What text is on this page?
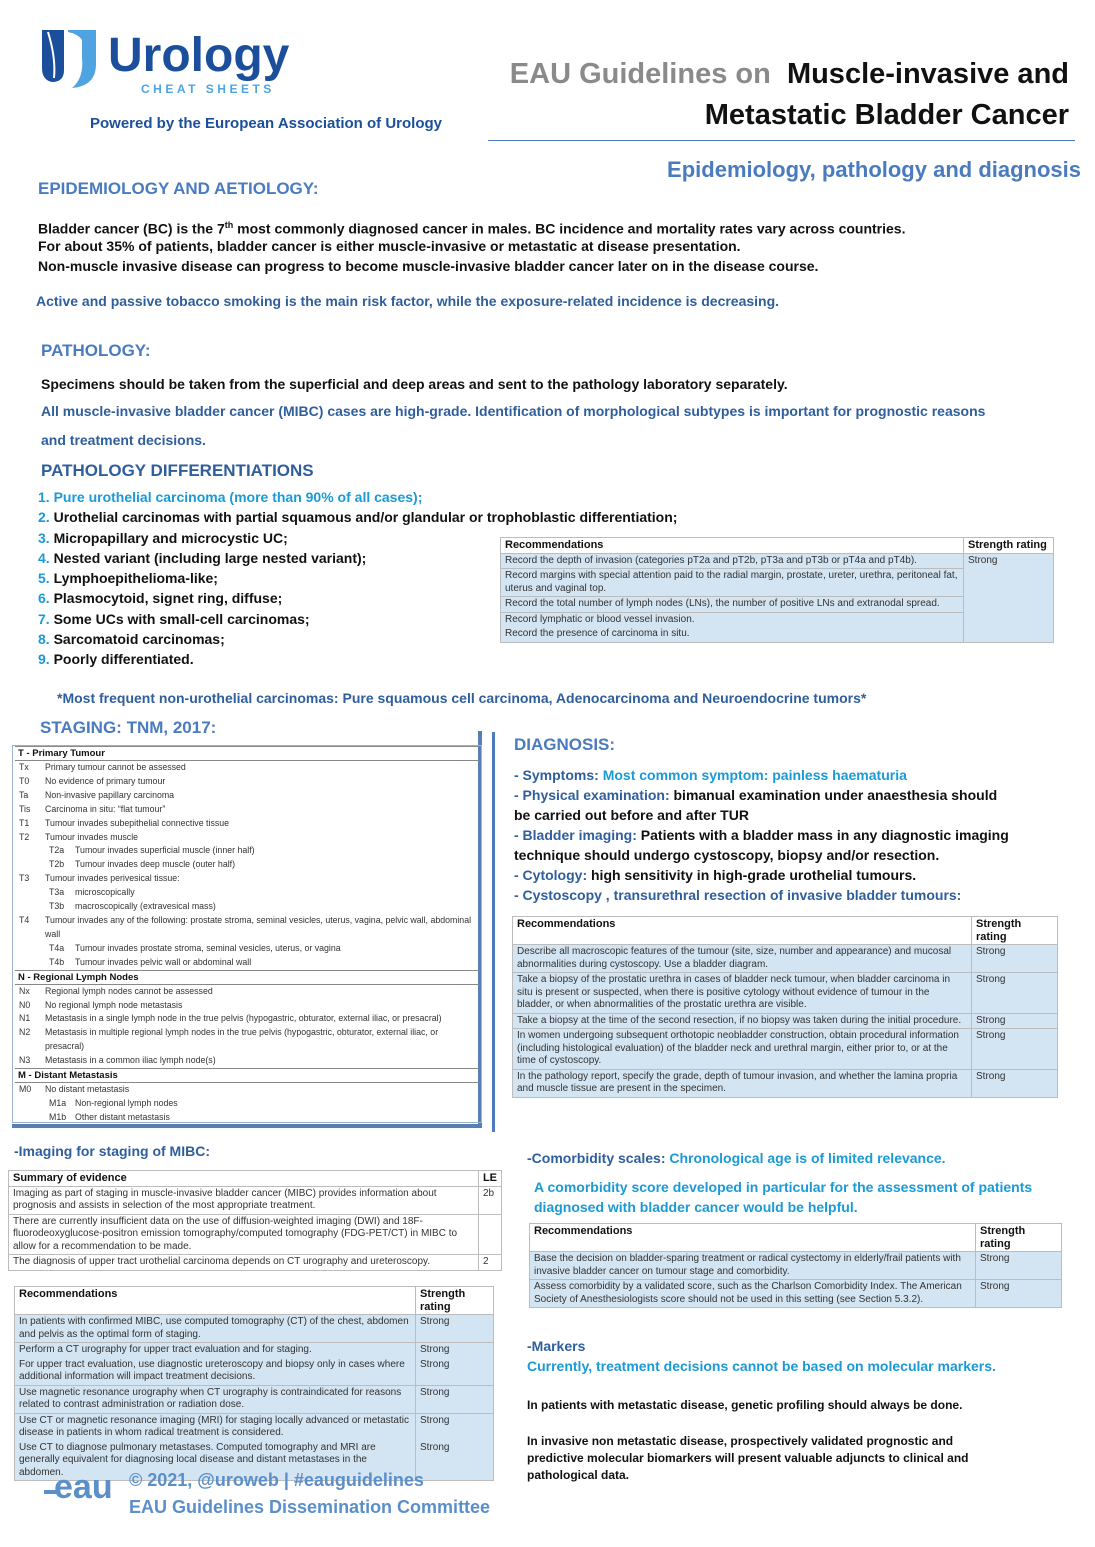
Urology
CHEAT SHEETS
Powered by the European Association of Urology
EAU Guidelines on Muscle-invasive and
Metastatic Bladder Cancer
Epidemiology, pathology and diagnosis
EPIDEMIOLOGY AND AETIOLOGY:
Bladder cancer (BC) is the 7th most commonly diagnosed cancer in males. BC incidence and mortality rates vary across countries.
For about 35% of patients, bladder cancer is either muscle-invasive or metastatic at disease presentation.
Non-muscle invasive disease can progress to become muscle-invasive bladder cancer later on in the disease course.
Active and passive tobacco smoking is the main risk factor, while the exposure-related incidence is decreasing.
PATHOLOGY:
Specimens should be taken from the superficial and deep areas and sent to the pathology laboratory separately.
All muscle-invasive bladder cancer (MIBC) cases are high-grade. Identification of morphological subtypes is important for prognostic reasons
and treatment decisions.
PATHOLOGY DIFFERENTIATIONS
1. Pure urothelial carcinoma (more than 90% of all cases);
2. Urothelial carcinomas with partial squamous and/or glandular or trophoblastic differentiation;
3. Micropapillary and microcystic UC;
4. Nested variant (including large nested variant);
5. Lymphoepithelioma-like;
6. Plasmocytoid, signet ring, diffuse;
7. Some UCs with small-cell carcinomas;
8. Sarcomatoid carcinomas;
9. Poorly differentiated.
Recommendations	Strength rating
Record the depth of invasion (categories pT2a and pT2b, pT3a and pT3b or pT4a and pT4b).	Strong
Record margins with special attention paid to the radial margin, prostate, ureter, urethra, peritoneal fat, uterus and vaginal top.	
Record the total number of lymph nodes (LNs), the number of positive LNs and extranodal spread.	
Record lymphatic or blood vessel invasion.	
Record the presence of carcinoma in situ.	
*Most frequent non-urothelial carcinomas: Pure squamous cell carcinoma, Adenocarcinoma and Neuroendocrine tumors*
STAGING: TNM, 2017:
T - Primary Tumour
Tx	Primary tumour cannot be assessed
T0	No evidence of primary tumour
Ta	Non-invasive papillary carcinoma
Tis	Carcinoma in situ: “flat tumour”
T1	Tumour invades subepithelial connective tissue
T2	Tumour invades muscle
T2a	Tumour invades superficial muscle (inner half)
T2b	Tumour invades deep muscle (outer half)
T3	Tumour invades perivesical tissue:
T3a	microscopically
T3b	macroscopically (extravesical mass)
T4	Tumour invades any of the following: prostate stroma, seminal vesicles, uterus, vagina, pelvic wall, abdominal wall
T4a	Tumour invades prostate stroma, seminal vesicles, uterus, or vagina
T4b	Tumour invades pelvic wall or abdominal wall
N - Regional Lymph Nodes
Nx	Regional lymph nodes cannot be assessed
N0	No regional lymph node metastasis
N1	Metastasis in a single lymph node in the true pelvis (hypogastric, obturator, external iliac, or presacral)
N2	Metastasis in multiple regional lymph nodes in the true pelvis (hypogastric, obturator, external iliac, or presacral)
N3	Metastasis in a common iliac lymph node(s)
M - Distant Metastasis
M0	No distant metastasis
M1a	Non-regional lymph nodes
M1b	Other distant metastasis
DIAGNOSIS:
- Symptoms: Most common symptom: painless haematuria
- Physical examination: bimanual examination under anaesthesia should
be carried out before and after TUR
- Bladder imaging: Patients with a bladder mass in any diagnostic imaging
technique should undergo cystoscopy, biopsy and/or resection.
- Cytology: high sensitivity in high-grade urothelial tumours.
- Cystoscopy , transurethral resection of invasive bladder tumours:
Recommendations	Strength rating
Describe all macroscopic features of the tumour (site, size, number and appearance) and mucosal abnormalities during cystoscopy. Use a bladder diagram.	Strong
Take a biopsy of the prostatic urethra in cases of bladder neck tumour, when bladder carcinoma in situ is present or suspected, when there is positive cytology without evidence of tumour in the bladder, or when abnormalities of the prostatic urethra are visible.	Strong
Take a biopsy at the time of the second resection, if no biopsy was taken during the initial procedure.	Strong
In women undergoing subsequent orthotopic neobladder construction, obtain procedural information (including histological evaluation) of the bladder neck and urethral margin, either prior to, or at the time of cystoscopy.	Strong
In the pathology report, specify the grade, depth of tumour invasion, and whether the lamina propria and muscle tissue are present in the specimen.	Strong
-Imaging for staging of MIBC:
Summary of evidence	LE
Imaging as part of staging in muscle-invasive bladder cancer (MIBC) provides information about prognosis and assists in selection of the most appropriate treatment.	2b
There are currently insufficient data on the use of diffusion-weighted imaging (DWI) and 18F-fluorodeoxyglucose-positron emission tomography/computed tomography (FDG-PET/CT) in MIBC to allow for a recommendation to be made.	
The diagnosis of upper tract urothelial carcinoma depends on CT urography and ureteroscopy.	2
Recommendations	Strength rating
In patients with confirmed MIBC, use computed tomography (CT) of the chest, abdomen and pelvis as the optimal form of staging.	Strong
Perform a CT urography for upper tract evaluation and for staging.	Strong
For upper tract evaluation, use diagnostic ureteroscopy and biopsy only in cases where additional information will impact treatment decisions.	Strong
Use magnetic resonance urography when CT urography is contraindicated for reasons related to contrast administration or radiation dose.	Strong
Use CT or magnetic resonance imaging (MRI) for staging locally advanced or metastatic disease in patients in whom radical treatment is considered.	Strong
Use CT to diagnose pulmonary metastases. Computed tomography and MRI are generally equivalent for diagnosing local disease and distant metastases in the abdomen.	Strong
-Comorbidity scales: Chronological age is of limited relevance.
A comorbidity score developed in particular for the assessment of patients
diagnosed with bladder cancer would be helpful.
Recommendations	Strength rating
Base the decision on bladder-sparing treatment or radical cystectomy in elderly/frail patients with invasive bladder cancer on tumour stage and comorbidity.	Strong
Assess comorbidity by a validated score, such as the Charlson Comorbidity Index. The American Society of Anesthesiologists score should not be used in this setting (see Section 5.3.2).	Strong
-Markers
Currently, treatment decisions cannot be based on molecular markers.
In patients with metastatic disease, genetic profiling should always be done.
In invasive non metastatic disease, prospectively validated prognostic and
predictive molecular biomarkers will present valuable adjuncts to clinical and
pathological data.
eau © 2021, @uroweb | #eauguidelines
EAU Guidelines Dissemination Committee
